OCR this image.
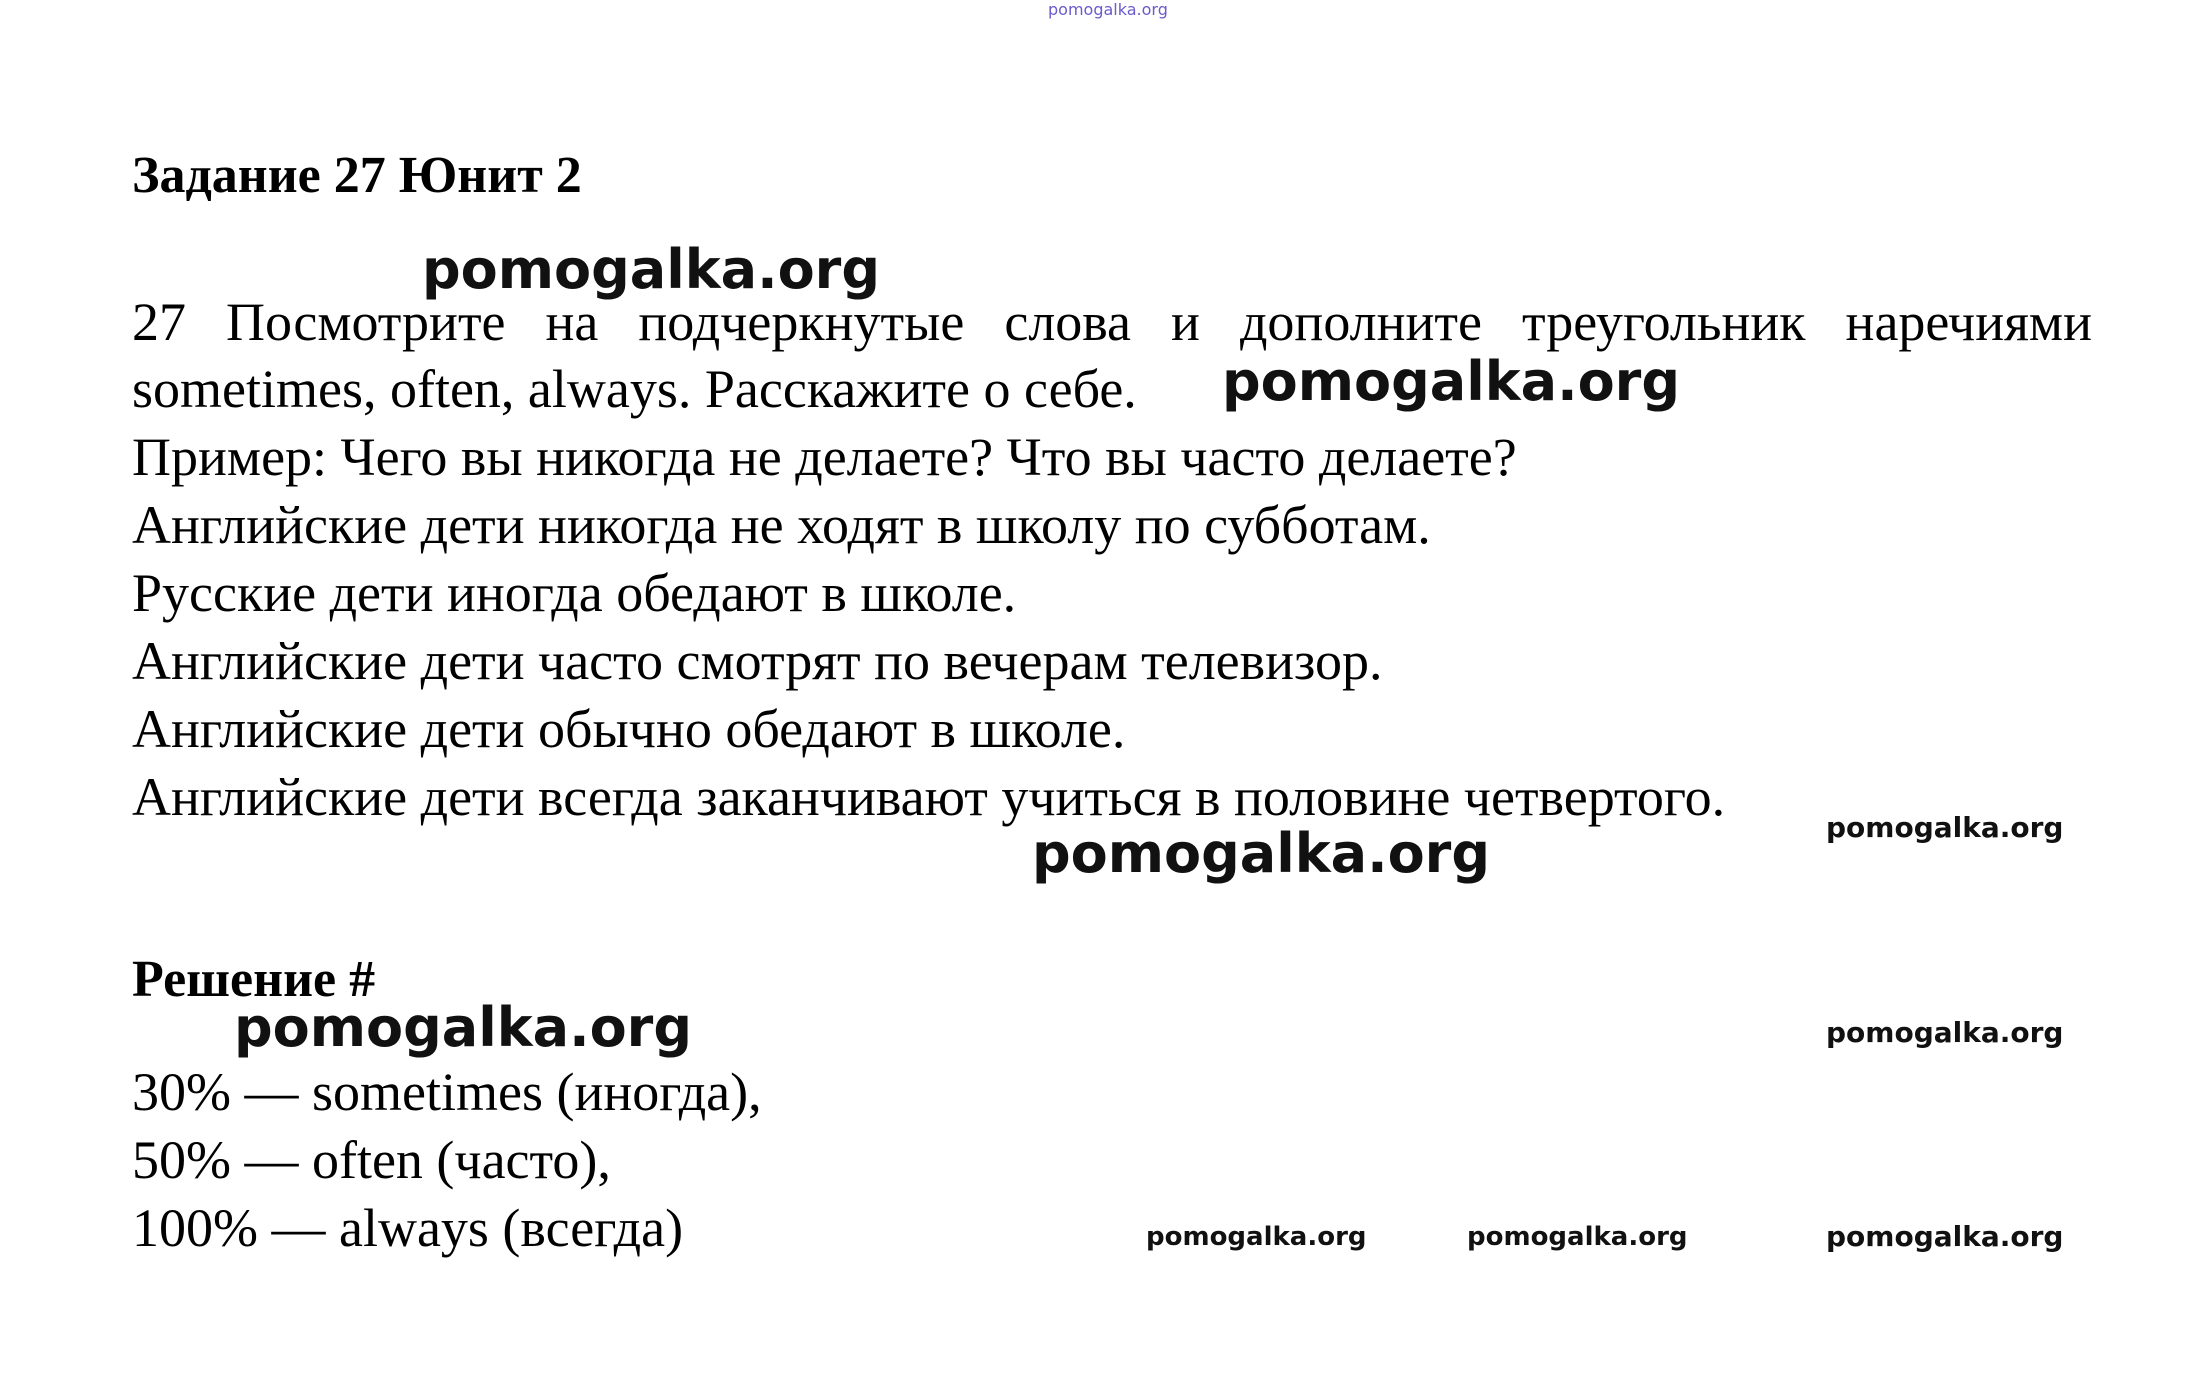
pomogalka.org
Задание 27 Юнит 2
27 Посмотрите на подчеркнутые слова и дополните треугольник наречиями
sometimes, often, always. Расскажите о себе.
Пример: Чего вы никогда не делаете? Что вы часто делаете?
Английские дети никогда не ходят в школу по субботам.
Русские дети иногда обедают в школе.
Английские дети часто смотрят по вечерам телевизор.
Английские дети обычно обедают в школе.
Английские дети всегда заканчивают учиться в половине четвертого.
Решение #
30% — sometimes (иногда),
50% — often (часто),
100% — always (всегда)
pomogalka.org
pomogalka.org
pomogalka.org
pomogalka.org
pomogalka.org
pomogalka.org
pomogalka.org	pomogalka.org	pomogalka.org
